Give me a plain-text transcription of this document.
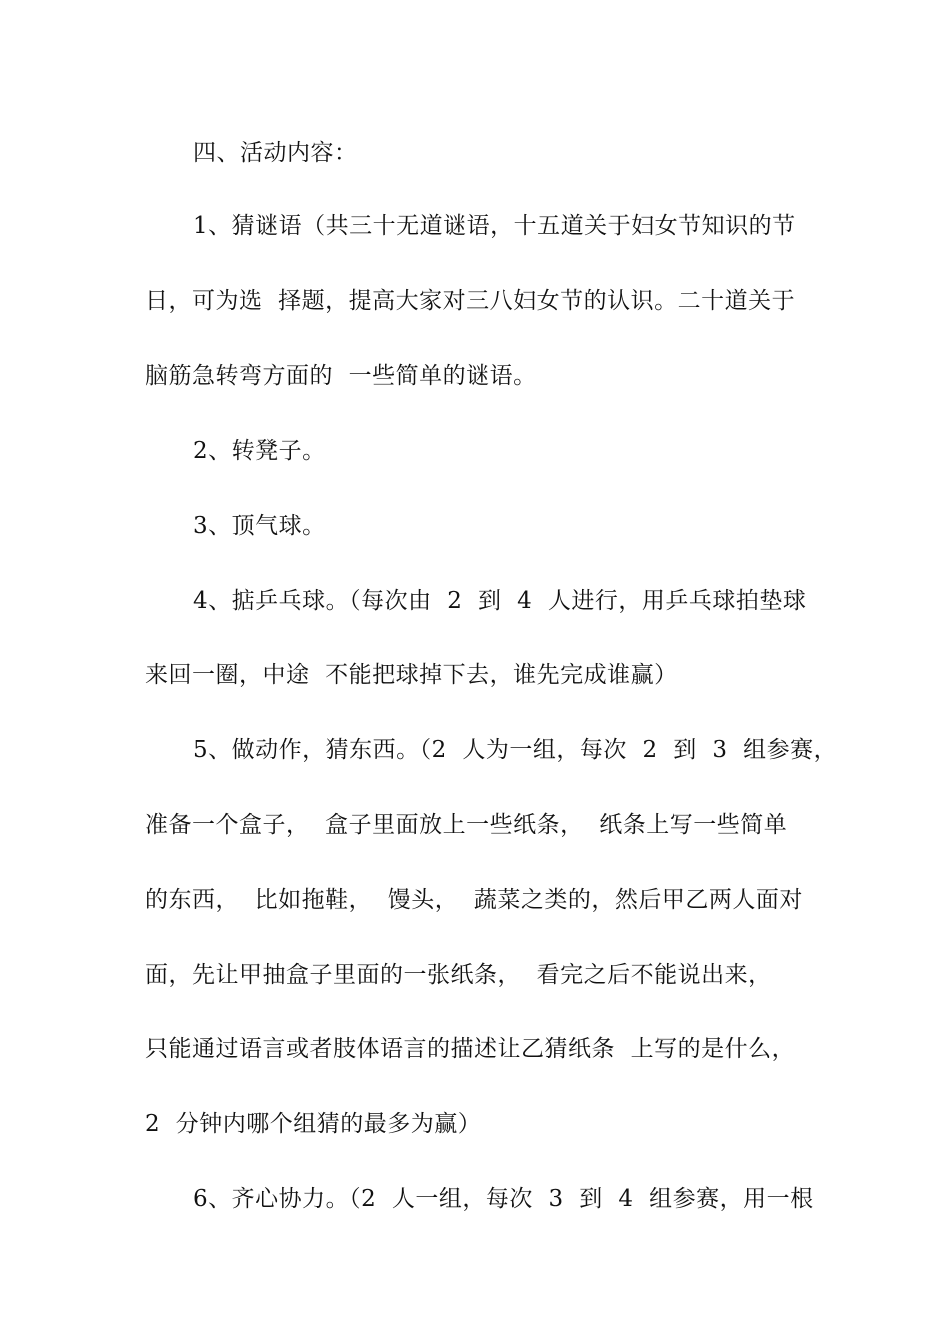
四、活动内容：
1、猜谜语（共三十无道谜语，十五道关于妇女节知识的节
日，可为选  择题，提高大家对三八妇女节的认识。二十道关于
脑筋急转弯方面的  一些简单的谜语。
2、转凳子。
3、顶气球。
4、掂乒乓球。（每次由  2  到  4  人进行，用乒乓球拍垫球
来回一圈，中途  不能把球掉下去，谁先完成谁赢）
5、做动作，猜东西。（2  人为一组，每次  2  到  3  组参赛，
准备一个盒子，  盒子里面放上一些纸条，  纸条上写一些简单
的东西，  比如拖鞋，  馒头，  蔬菜之类的，然后甲乙两人面对
面，先让甲抽盒子里面的一张纸条，  看完之后不能说出来，
只能通过语言或者肢体语言的描述让乙猜纸条  上写的是什么，
2  分钟内哪个组猜的最多为赢）
6、齐心协力。（2  人一组，每次  3  到  4  组参赛，用一根
